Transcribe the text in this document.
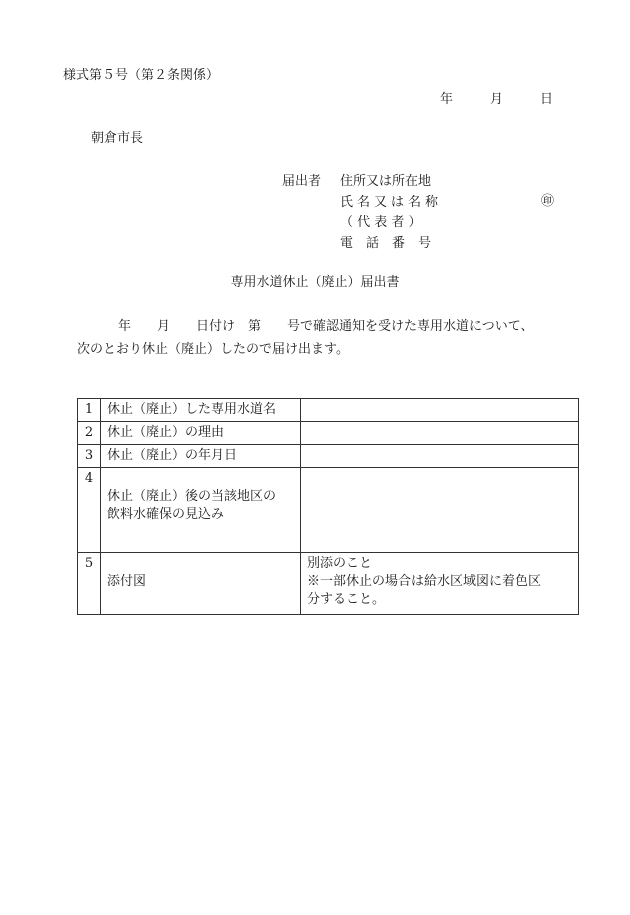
様式第５号（第２条関係）
年	月	日
朝倉市長
届出者 住所又は所在地
氏名又は名称	㊞
（ 代 表 者 ）
電　話　番　号
専用水道休止（廃止）届出書
年　　月　　日付け　第　　号で確認通知を受けた専用水道について、
次のとおり休止（廃止）したので届け出ます。
1	休止（廃止）した専用水道名	
2	休止（廃止）の理由	
3	休止（廃止）の年月日	
4	休止（廃止）後の当該地区の
飲料水確保の見込み	

5	添付図	別添のこと
※一部休止の場合は給水区域図に着色区
分すること。
